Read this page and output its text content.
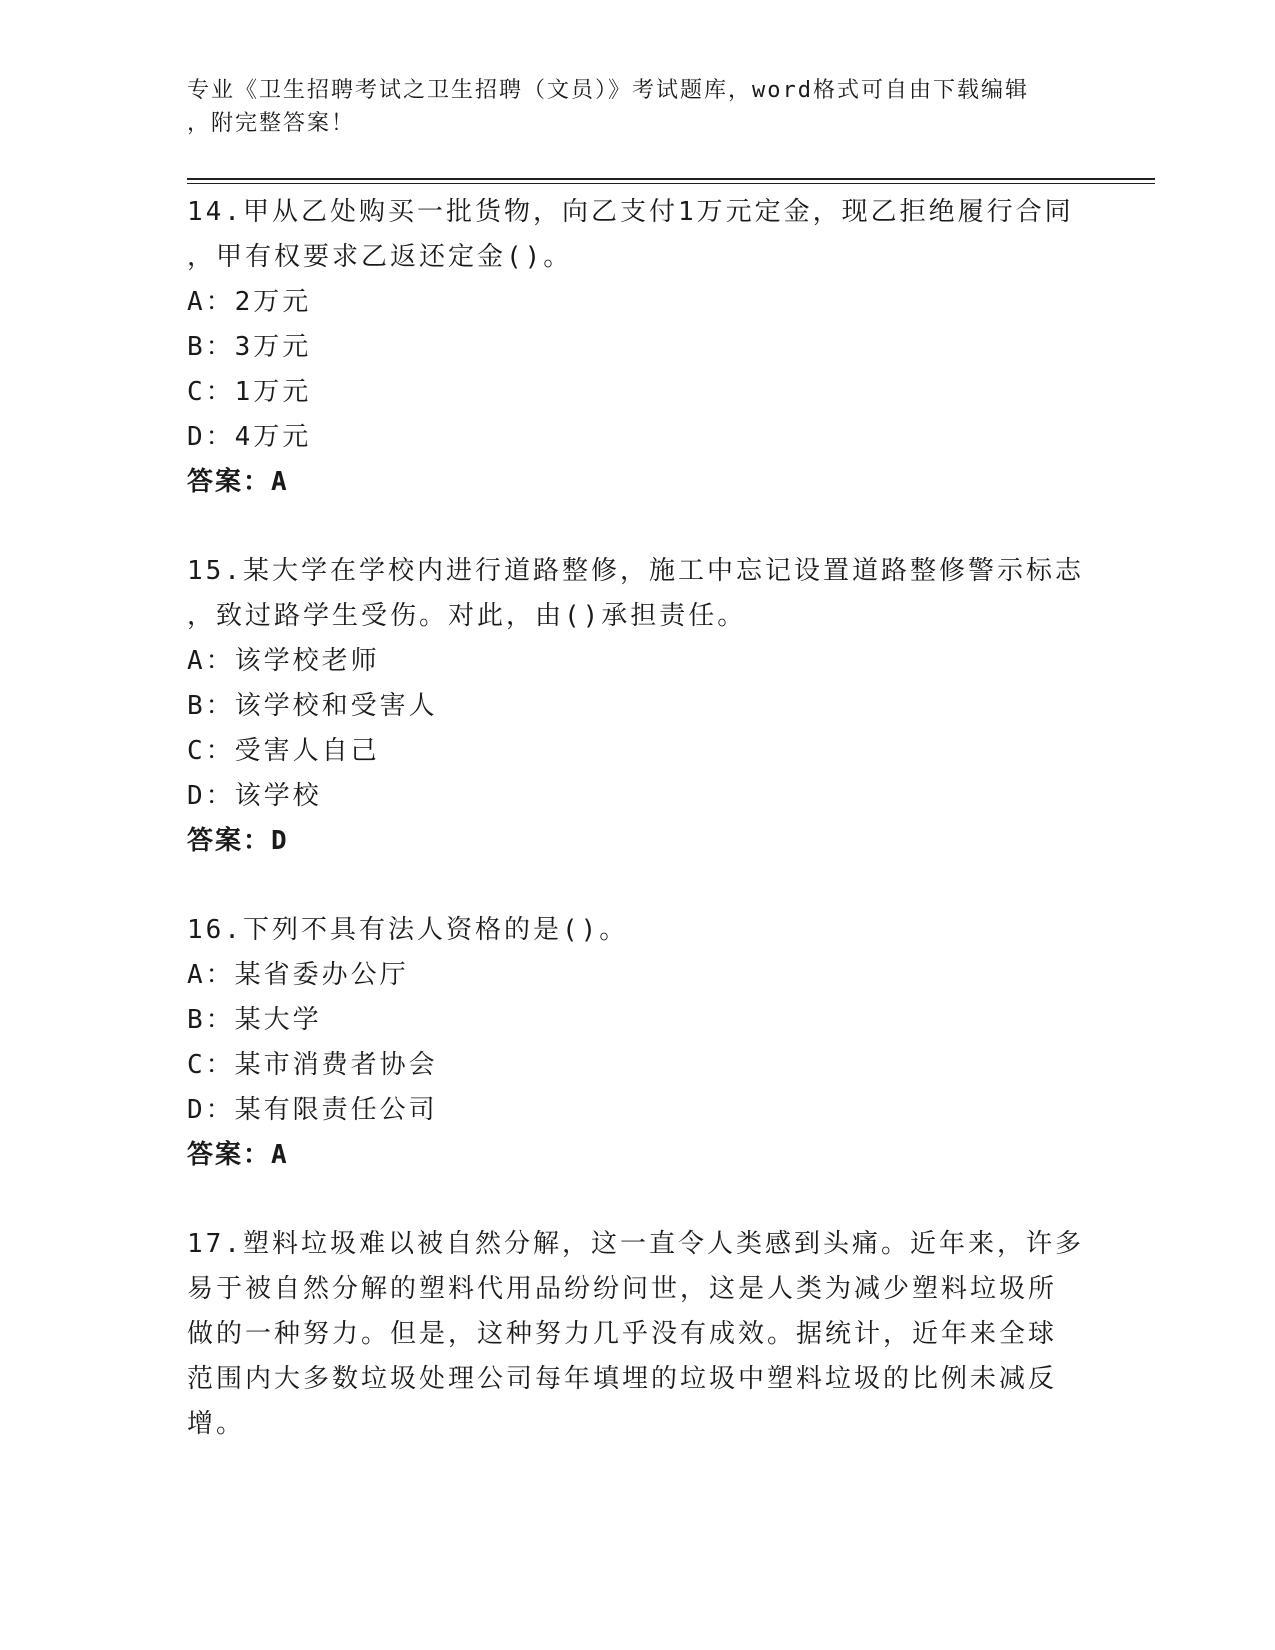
专业《卫生招聘考试之卫生招聘（文员）》考试题库，word格式可自由下载编辑
，附完整答案！

14.甲从乙处购买一批货物，向乙支付1万元定金，现乙拒绝履行合同

，甲有权要求乙返还定金()。

A：2万元

B：3万元

C：1万元

D：4万元

答案：A

15.某大学在学校内进行道路整修，施工中忘记设置道路整修警示标志

，致过路学生受伤。对此，由()承担责任。

A：该学校老师

B：该学校和受害人

C：受害人自己

D：该学校

答案：D

16.下列不具有法人资格的是()。

A：某省委办公厅

B：某大学

C：某市消费者协会

D：某有限责任公司

答案：A

17.塑料垃圾难以被自然分解，这一直令人类感到头痛。近年来，许多

易于被自然分解的塑料代用品纷纷问世，这是人类为减少塑料垃圾所

做的一种努力。但是，这种努力几乎没有成效。据统计，近年来全球

范围内大多数垃圾处理公司每年填埋的垃圾中塑料垃圾的比例未减反

增。
